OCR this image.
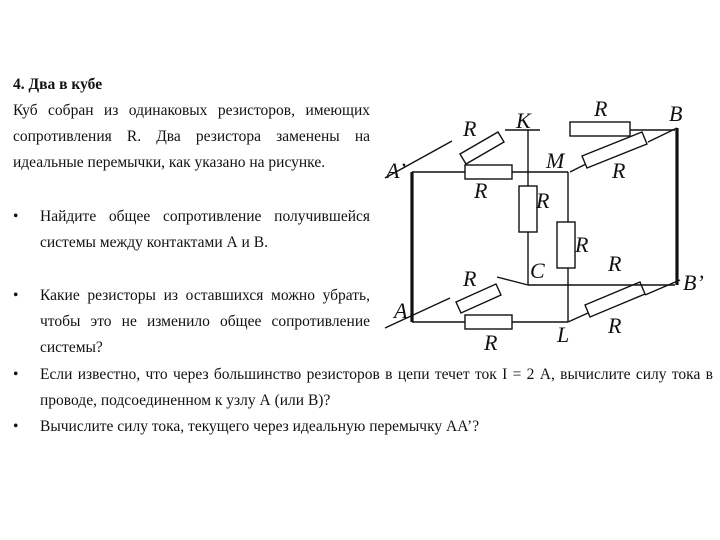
4. Два в кубе
Куб собран из одинаковых резисторов, имеющих сопротивления R. Два резистора заменены на идеальные перемычки, как указано на рисунке.
• Найдите общее сопротивление получившейся системы между контактами А и В.
• Какие резисторы из оставшихся можно убрать, чтобы это не изменило общее сопротивление системы?
• Если известно, что через большинство резисторов в цепи течет ток I = 2 А, вычислите силу тока в проводе, подсоединенном к узлу А (или В)?
• Вычислите силу тока, текущего через идеальную перемычку АА’?
A’
A
B
B’
K
M
C
L
R
R
R
R
R
R
R
R
R
R
